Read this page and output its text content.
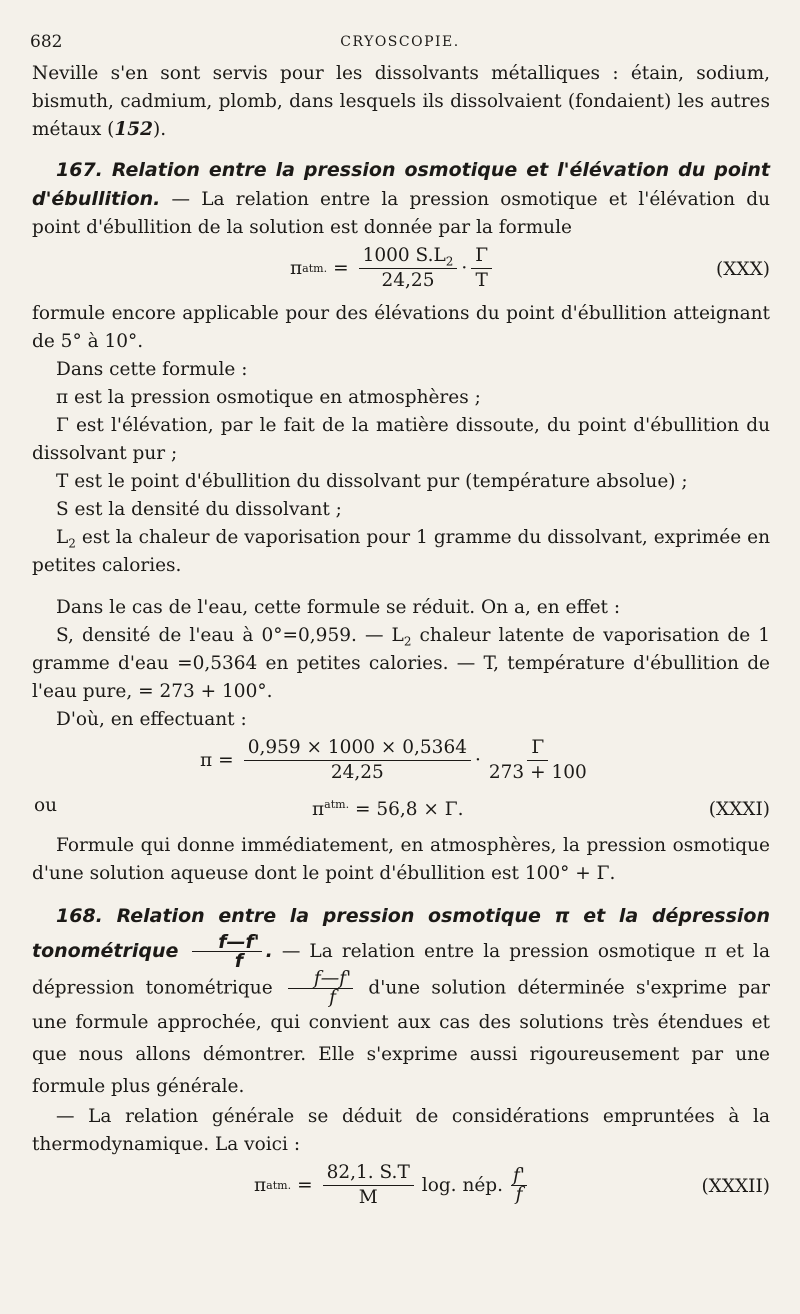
682	CRYOSCOPIE.

Neville s'en sont servis pour les dissolvants métalliques : étain, sodium, bismuth, cadmium, plomb, dans lesquels ils dissolvaient (fondaient) les autres métaux (152).

167. Relation entre la pression osmotique et l'élévation du point d'ébullition. — La relation entre la pression osmotique et l'élévation du point d'ébullition de la solution est donnée par la formule

π atm. = $\frac{1000 S.L_2}{24,25} \cdot \frac{\Gamma}{T}$	(XXX)

formule encore applicable pour des élévations du point d'ébullition atteignant de 5° à 10°.

Dans cette formule :

π est la pression osmotique en atmosphères ;

Γ est l'élévation, par le fait de la matière dissoute, du point d'ébullition du dissolvant pur ;

T est le point d'ébullition du dissolvant pur (température absolue) ;

S est la densité du dissolvant ;

$L_2$ est la chaleur de vaporisation pour 1 gramme du dissolvant, exprimée en petites calories.

Dans le cas de l'eau, cette formule se réduit. On a, en effet :

S, densité de l'eau à 0°=0,959. — $L_2$ chaleur latente de vaporisation de 1 gramme d'eau =0,5364 en petites calories. — T, température d'ébullition de l'eau pure, = 273 + 100°.

D'où, en effectuant :

$\pi = \frac{0,959 \times 1000 \times 0,5364}{24,25} \cdot \frac{\Gamma}{273 + 100}$
ou	$\pi^{atm.} = 56,8 \times \Gamma$.	(XXXI)

Formule qui donne immédiatement, en atmosphères, la pression osmotique d'une solution aqueuse dont le point d'ébullition est 100° + Γ.

168. Relation entre la pression osmotique π et la dépression tonométrique $\frac{f—f'}{f}$ . — La relation entre la pression osmotique π et la dépression tonométrique $\frac{f—f'}{f} d'une$ solution déterminée s'exprime par une formule approchée, qui convient aux cas des solutions très étendues et que nous allons démontrer. Elle s'exprime aussi rigoureusement par une formule plus générale.

— La relation générale se déduit de considérations empruntées à la thermodynamique. La voici :

π atm. = $\frac{82,1. S.T}{M} \log$. nép. f'
f	(XXXII)
